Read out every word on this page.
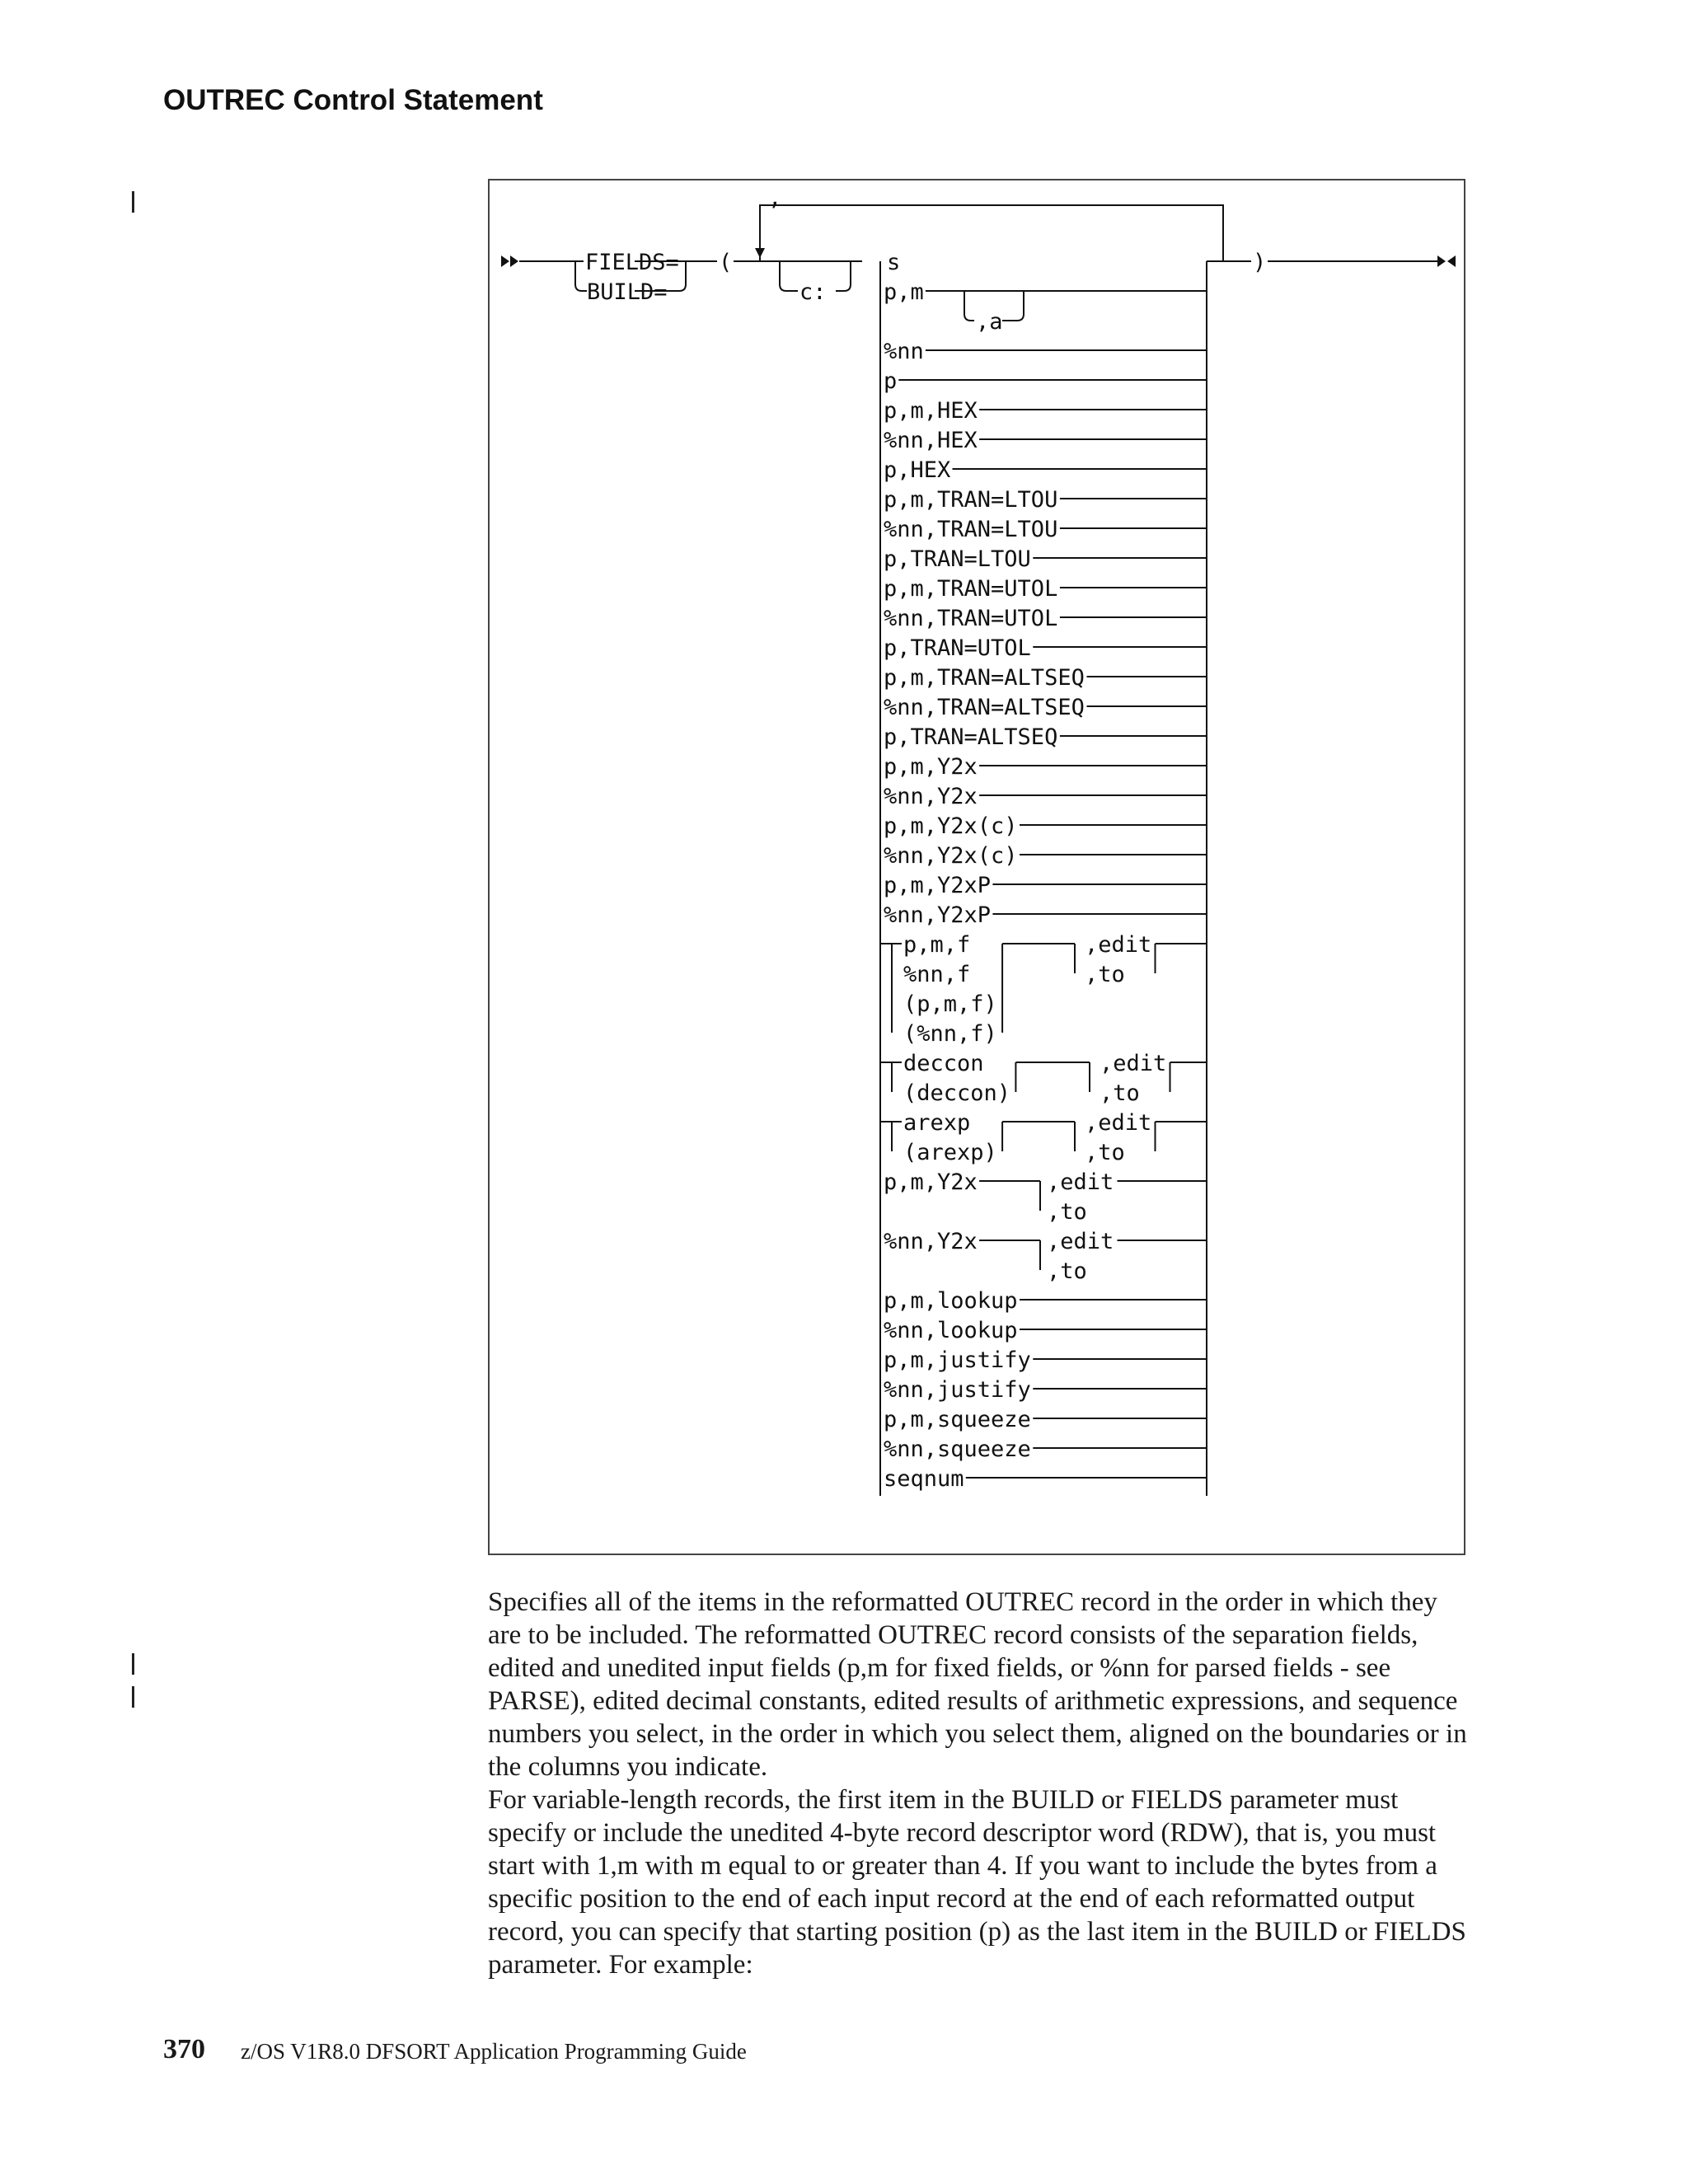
OUTREC Control Statement
,
FIELDS=
BUILD=
(	)
c:
,a
s
p,m
%nn
p
p,m,HEX
%nn,HEX
p,HEX
p,m,TRAN=LTOU
%nn,TRAN=LTOU
p,TRAN=LTOU
p,m,TRAN=UTOL
%nn,TRAN=UTOL
p,TRAN=UTOL
p,m,TRAN=ALTSEQ
%nn,TRAN=ALTSEQ
p,TRAN=ALTSEQ
p,m,Y2x
%nn,Y2x
p,m,Y2x(c)
%nn,Y2x(c)
p,m,Y2xP
%nn,Y2xP
p,m,f
%nn,f
(p,m,f)
(%nn,f)
,edit
,to
deccon
(deccon)
,edit
,to
arexp
(arexp)
,edit
,to
p,m,Y2x	,edit
,to
%nn,Y2x	,edit
,to
p,m,lookup
%nn,lookup
p,m,justify
%nn,justify
p,m,squeeze
%nn,squeeze
seqnum

Specifies all of the items in the reformatted OUTREC record in the order in which they are to be included. The reformatted OUTREC record consists of the separation fields, edited and unedited input fields (p,m for fixed fields, or %nn for parsed fields - see PARSE), edited decimal constants, edited results of arithmetic expressions, and sequence numbers you select, in the order in which you select them, aligned on the boundaries or in the columns you indicate.

For variable-length records, the first item in the BUILD or FIELDS parameter must specify or include the unedited 4-byte record descriptor word (RDW), that is, you must start with 1,m with m equal to or greater than 4. If you want to include the bytes from a specific position to the end of each input record at the end of each reformatted output record, you can specify that starting position (p) as the last item in the BUILD or FIELDS parameter. For example:

370 z/OS V1R8.0 DFSORT Application Programming Guide
